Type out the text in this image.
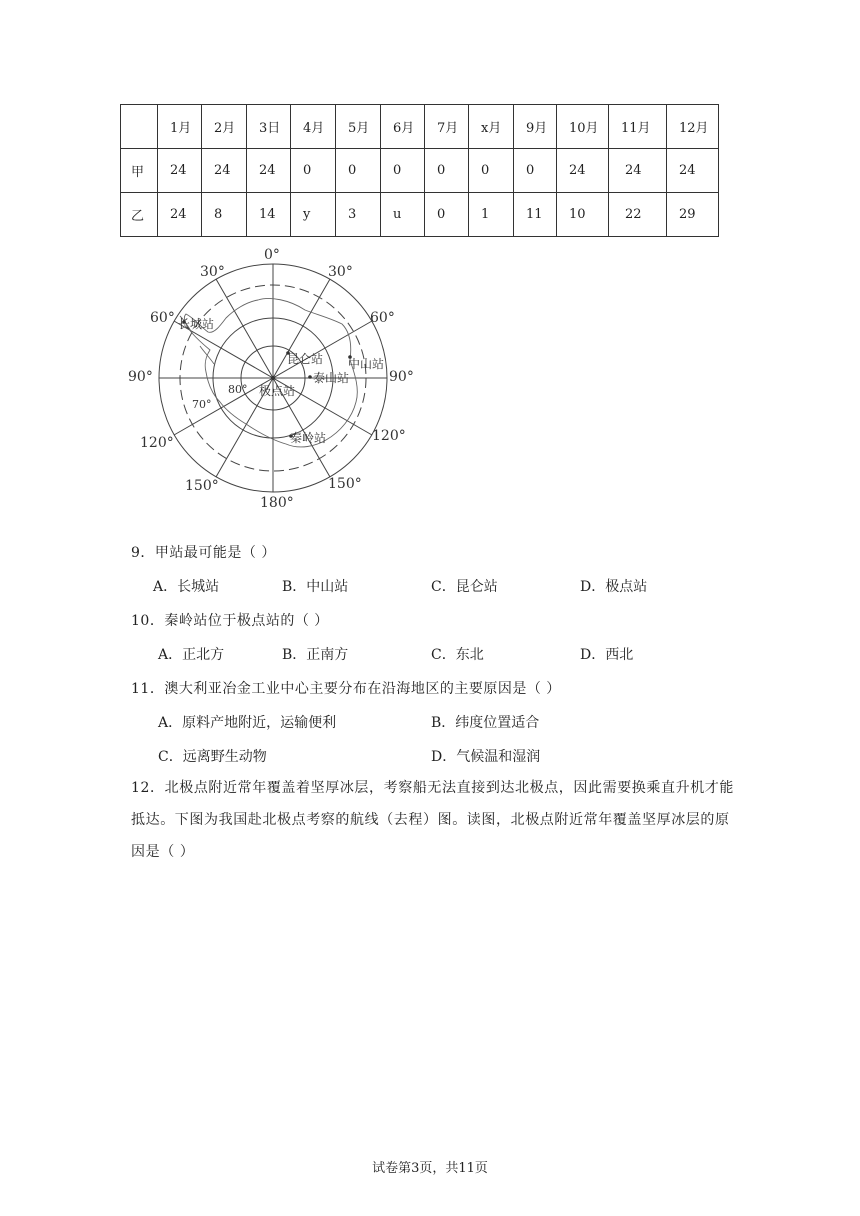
	1月	2月	3日	4月	5月	6月	7月	x月	9月	10月	11月	12月
甲	24	24	24	0	0	0	0	0	0	24	24	24
乙	24	8	14	y	3	u	0	1	11	10	22	29
0°
30°	30°
60°	60°
90°	90°
120°	120°
150°	150°
180°
80°
70°
长城站
昆仑站 中山站
泰山站
极点站
秦岭站
9．甲站最可能是（ ）
A．长城站	B．中山站	C．昆仑站	D．极点站
10．秦岭站位于极点站的（ ）
A．正北方	B．正南方	C．东北	D．西北
11．澳大利亚冶金工业中心主要分布在沿海地区的主要原因是（ ）
A．原料产地附近，运输便利	B．纬度位置适合
C．远离野生动物	D．气候温和湿润
12．北极点附近常年覆盖着坚厚冰层，考察船无法直接到达北极点，因此需要换乘直升机才能抵达。下图为我国赴北极点考察的航线（去程）图。读图，北极点附近常年覆盖坚厚冰层的原因是（ ）
试卷第3页，共11页
